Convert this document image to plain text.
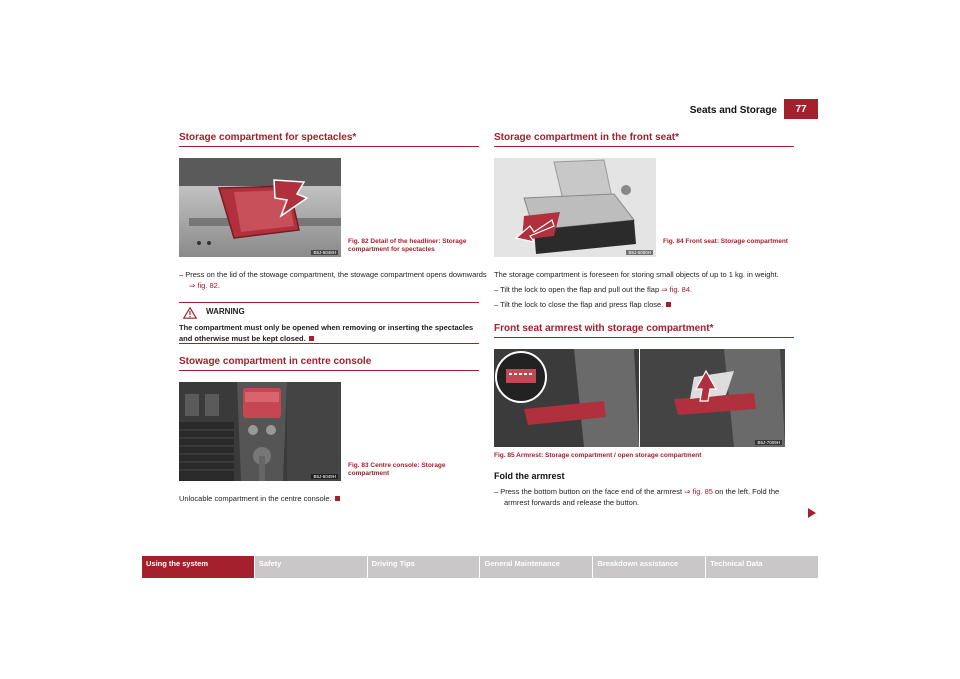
Seats and Storage	77
Storage compartment for spectacles*
B5J-6048H
Fig. 82 Detail of the headliner: Storage compartment for spectacles
– Press on the lid of the stowage compartment, the stowage compartment opens downwards ⇒ fig. 82.
WARNING
The compartment must only be opened when removing or inserting the spectacles and otherwise must be kept closed.
Stowage compartment in centre console
B5J-6049H
Fig. 83 Centre console: Storage compartment
Unlocable compartment in the centre console.
Storage compartment in the front seat*
B5J-6050H
Fig. 84 Front seat: Storage compartment
The storage compartment is foreseen for storing small objects of up to 1 kg. in weight.
– Tilt the lock to open the flap and pull out the flap ⇒ fig. 84.
– Tilt the lock to close the flap and press flap close.
Front seat armrest with storage compartment*
B5J-7009H
Fig. 85 Armrest: Storage compartment / open storage compartment
Fold the armrest
– Press the bottom button on the face end of the armrest ⇒ fig. 85 on the left. Fold the armrest forwards and release the button.
Using the system	Safety	Driving Tips	General Maintenance	Breakdown assistance	Technical Data
